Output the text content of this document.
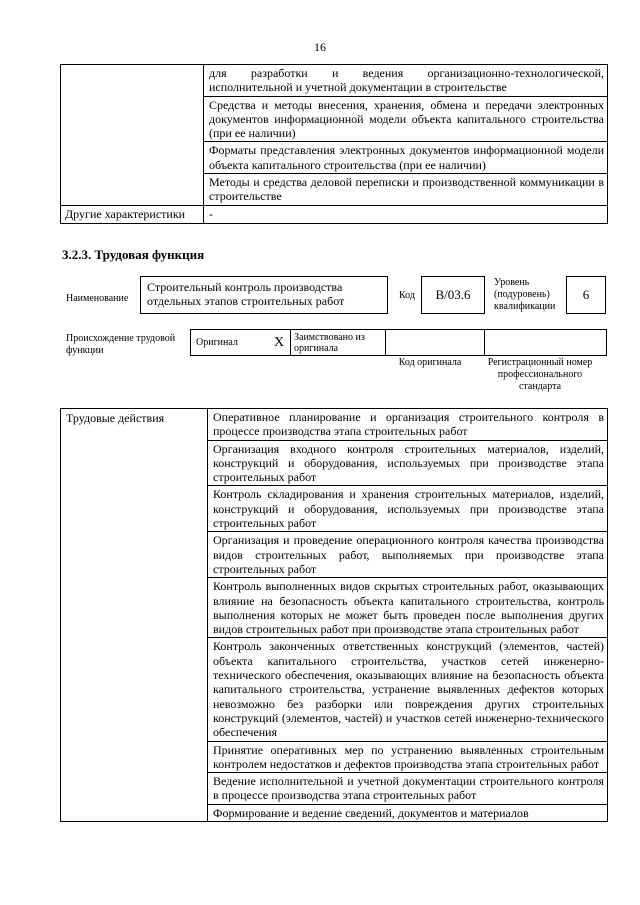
16

	для разработки и ведения организационно-технологической, исполнительной и учетной документации в строительстве

	Средства и методы внесения, хранения, обмена и передачи электронных документов информационной модели объекта капитального строительства (при ее наличии)

	Форматы представления электронных документов информационной модели объекта капитального строительства (при ее наличии)

	Методы и средства деловой переписки и производственной коммуникации в строительстве

Другие характеристики	-
3.2.3. Трудовая функция
Наименование
Строительный контроль производства отдельных этапов строительных работ	Код	B/03.6
Уровень (подуровень) квалификации
6
Происхождение трудовой функции
Оригинал	X	Заимствовано из оригинала		
Код оригинала	Регистрационный номер профессионального стандарта
Трудовые действия	Оперативное планирование и организация строительного контроля в процессе производства этапа строительных работ

Организация входного контроля строительных материалов, изделий, конструкций и оборудования, используемых при производстве этапа строительных работ

Контроль складирования и хранения строительных материалов, изделий, конструкций и оборудования, используемых при производстве этапа строительных работ

Организация и проведение операционного контроля качества производства видов строительных работ, выполняемых при производстве этапа строительных работ

Контроль выполненных видов скрытых строительных работ, оказывающих влияние на безопасность объекта капитального строительства, контроль выполнения которых не может быть проведен после выполнения других видов строительных работ при производстве этапа строительных работ

Контроль законченных ответственных конструкций (элементов, частей) объекта капитального строительства, участков сетей инженерно-технического обеспечения, оказывающих влияние на безопасность объекта капитального строительства, устранение выявленных дефектов которых невозможно без разборки или повреждения других строительных конструкций (элементов, частей) и участков сетей инженерно-технического обеспечения

Принятие оперативных мер по устранению выявленных строительным контролем недостатков и дефектов производства этапа строительных работ

Ведение исполнительной и учетной документации строительного контроля в процессе производства этапа строительных работ

Формирование и ведение сведений, документов и материалов
